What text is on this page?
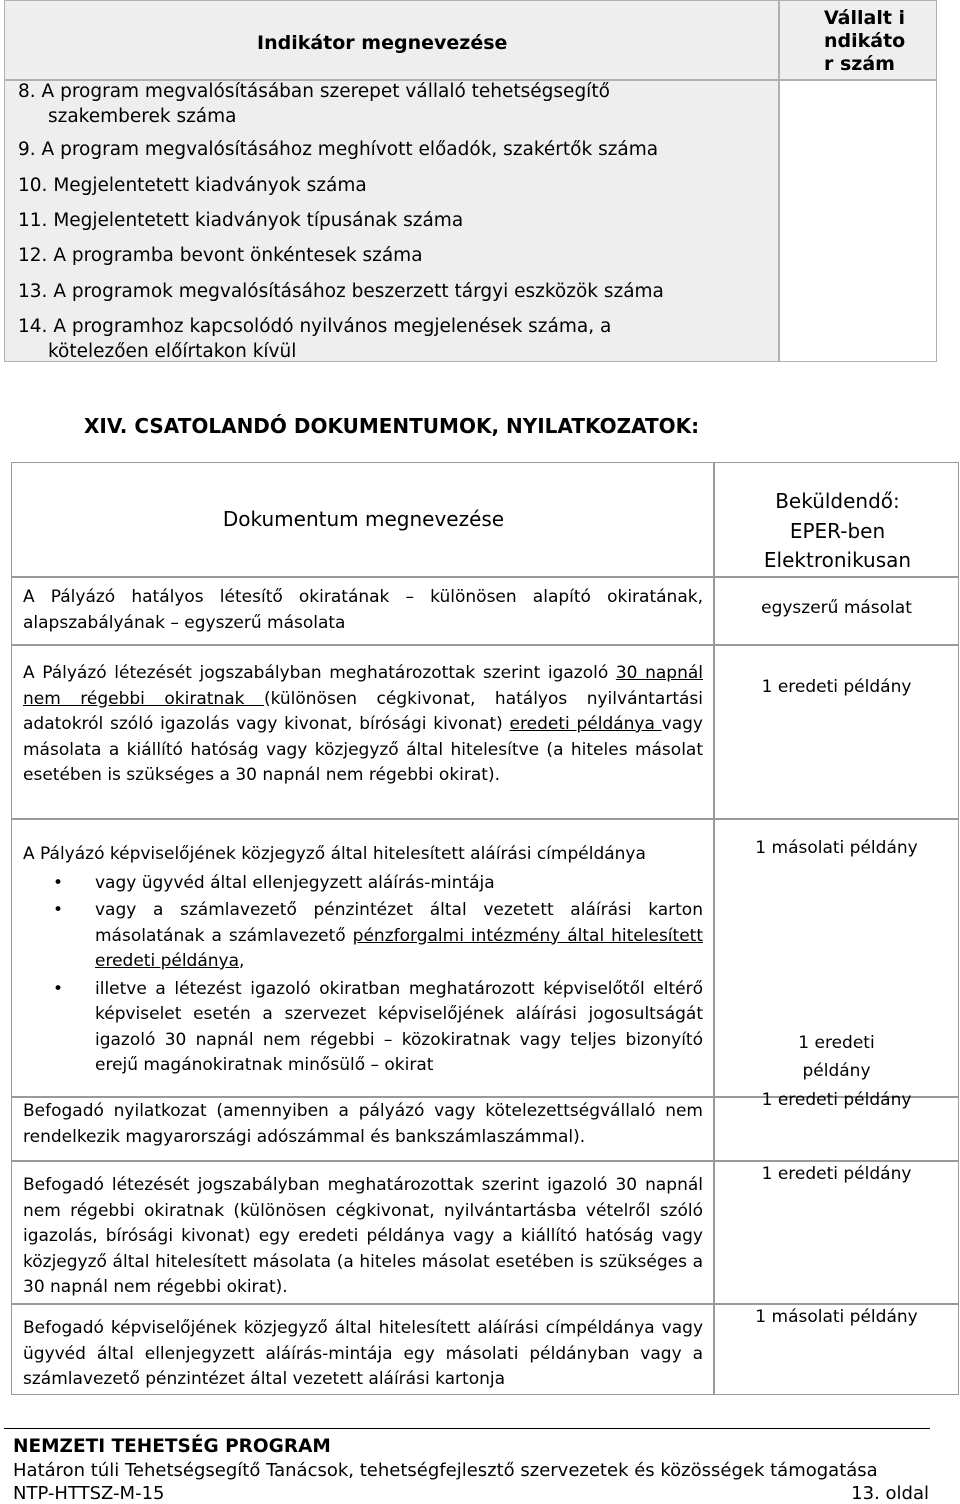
Indikátor megnevezése
Vállalt indikátor szám
8. A program megvalósításában szerepet vállaló tehetségsegítő
szakemberek száma
9. A program megvalósításához meghívott előadók, szakértők száma
10. Megjelentetett kiadványok száma
11. Megjelentetett kiadványok típusának száma
12. A programba bevont önkéntesek száma
13. A programok megvalósításához beszerzett tárgyi eszközök száma
14. A programhoz kapcsolódó nyilvános megjelenések száma, a
kötelezően előírtakon kívül
XIV. CSATOLANDÓ DOKUMENTUMOK, NYILATKOZATOK:
Dokumentum megnevezése
Beküldendő:
EPER-ben
Elektronikusan
A Pályázó hatályos létesítő okiratának – különösen alapító okiratának, alapszabályának – egyszerű másolata
egyszerű másolat
A Pályázó létezését jogszabályban meghatározottak szerint igazoló 30 napnál nem régebbi okiratnak (különösen cégkivonat, hatályos nyilvántartási adatokról szóló igazolás vagy kivonat, bírósági kivonat) eredeti példánya vagy másolata a kiállító hatóság vagy közjegyző által hitelesítve (a hiteles másolat esetében is szükséges a 30 napnál nem régebbi okirat).
1 eredeti példány
A Pályázó képviselőjének közjegyző által hitelesített aláírási címpéldánya
• vagy ügyvéd által ellenjegyzett aláírás-mintája
• vagy a számlavezető pénzintézet által vezetett aláírási karton másolatának a számlavezető pénzforgalmi intézmény által hitelesített eredeti példánya,
• illetve a létezést igazoló okiratban meghatározott képviselőtől eltérő képviselet esetén a szervezet képviselőjének aláírási jogosultságát igazoló 30 napnál nem régebbi – közokiratnak vagy teljes bizonyító erejű magánokiratnak minősülő – okirat
1 másolati példány
1 eredeti
példány
Befogadó nyilatkozat (amennyiben a pályázó vagy kötelezettségvállaló nem rendelkezik magyarországi adószámmal és bankszámlaszámmal).
1 eredeti példány
Befogadó létezését jogszabályban meghatározottak szerint igazoló 30 napnál nem régebbi okiratnak (különösen cégkivonat, nyilvántartásba vételről szóló igazolás, bírósági kivonat) egy eredeti példánya vagy a kiállító hatóság vagy közjegyző által hitelesített másolata (a hiteles másolat esetében is szükséges a 30 napnál nem régebbi okirat).
1 eredeti példány
Befogadó képviselőjének közjegyző által hitelesített aláírási címpéldánya vagy ügyvéd által ellenjegyzett aláírás-mintája egy másolati példányban vagy a számlavezető pénzintézet által vezetett aláírási kartonja
1 másolati példány
NEMZETI TEHETSÉG PROGRAM
Határon túli Tehetségsegítő Tanácsok, tehetségfejlesztő szervezetek és közösségek támogatása
NTP-HTTSZ-M-15	13. oldal
